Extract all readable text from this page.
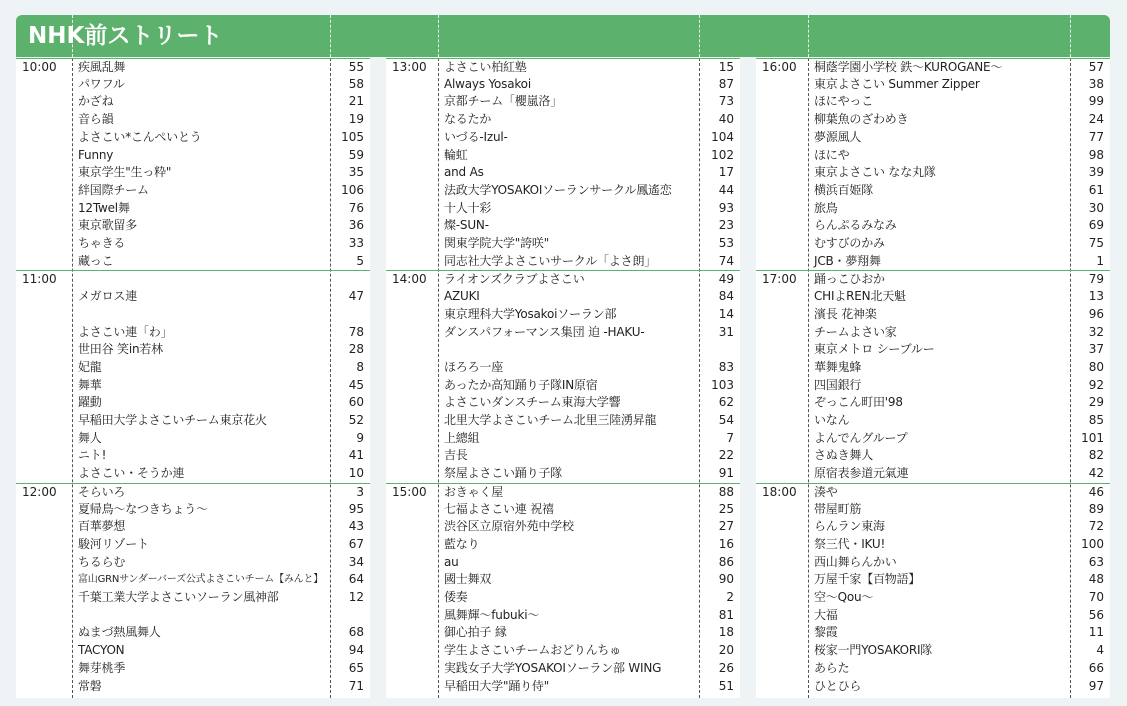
NHK前ストリート
10:00 疾風乱舞	55
パワフル	58
かざね	21
音ら韻	19
よさこい*こんぺいとう	105
Funny	59
東京学生"生っ粋"	35
絆国際チーム	106
12Twel舞	76
東京歌留多	36
ちゃきる	33
藏っこ	5
11:00
メガロス連	47
よさこい連「わ」	78
世田谷 笑in若林	28
妃龍	8
舞華	45
躍動	60
早稲田大学よさこいチーム東京花火	52
舞人	9
ニト!	41
よさこい・そうか連	10
12:00 そらいろ	3
夏帰鳥〜なつきちょう〜	95
百華夢想	43
駿河リゾート	67
ちるらむ	34
富山GRNサンダーバーズ公式よさこいチーム【みんと】 64
千葉工業大学よさこいソーラン風神部	12
ぬまづ熱風舞人	68
TACYON	94
舞芽桃季	65
常磐	71
13:00 よさこい柏紅塾	15
Always Yosakoi	87
京都チーム「櫻嵐洛」	73
なるたか	40
いづる-Izul-	104
輪虹	102
and As	17
法政大学YOSAKOIソーランサークル鳳遙恋	44
十人十彩	93
燦-SUN-	23
関東学院大学"誇咲"	53
同志社大学よさこいサークル「よさ朗」	74
14:00 ライオンズクラブよさこい	49
AZUKI	84
東京理科大学Yosakoiソーラン部	14
ダンスパフォーマンス集団 迫 -HAKU-	31
ほろろ一座	83
あったか高知踊り子隊IN原宿	103
よさこいダンスチーム東海大学響	62
北里大学よさこいチーム北里三陸湧昇龍	54
上總組	7
吉長	22
祭屋よさこい踊り子隊	91
15:00 おきゃく屋	88
七福よさこい連 祝禧	25
渋谷区立原宿外苑中学校	27
藍なり	16
au	86
國士舞双	90
倭奏	2
風舞輝〜fubuki〜	81
御心拍子 縁	18
学生よさこいチームおどりんちゅ	20
実践女子大学YOSAKOIソーラン部 WING	26
早稲田大学"踊り侍"	51
16:00 桐蔭学園小学校 鉄〜KUROGANE〜	57
東京よさこい Summer Zipper	38
ほにやっこ	99
柳葉魚のざわめき	24
夢源風人	77
ほにや	98
東京よさこい なな丸隊	39
横浜百姫隊	61
旅鳥	30
らんぷるみなみ	69
むすびのかみ	75
JCB・夢翔舞	1
17:00 踊っこひおか	79
CHIよREN北天魁	13
濱長 花神楽	96
チームよさい家	32
東京メトロ シーブルー	37
華舞鬼蜂	80
四国銀行	92
ぞっこん町田'98	29
いなん	85
よんでんグループ	101
さぬき舞人	82
原宿表参道元氣連	42
18:00 湊や	46
帯屋町筋	89
らんラン東海	72
祭三代・IKU!	100
西山舞らんかい	63
万屋千家【百物語】	48
空〜Qou〜	70
大福	56
黎霞	11
桜家一門YOSAKORI隊	4
あらた	66
ひとひら	97
